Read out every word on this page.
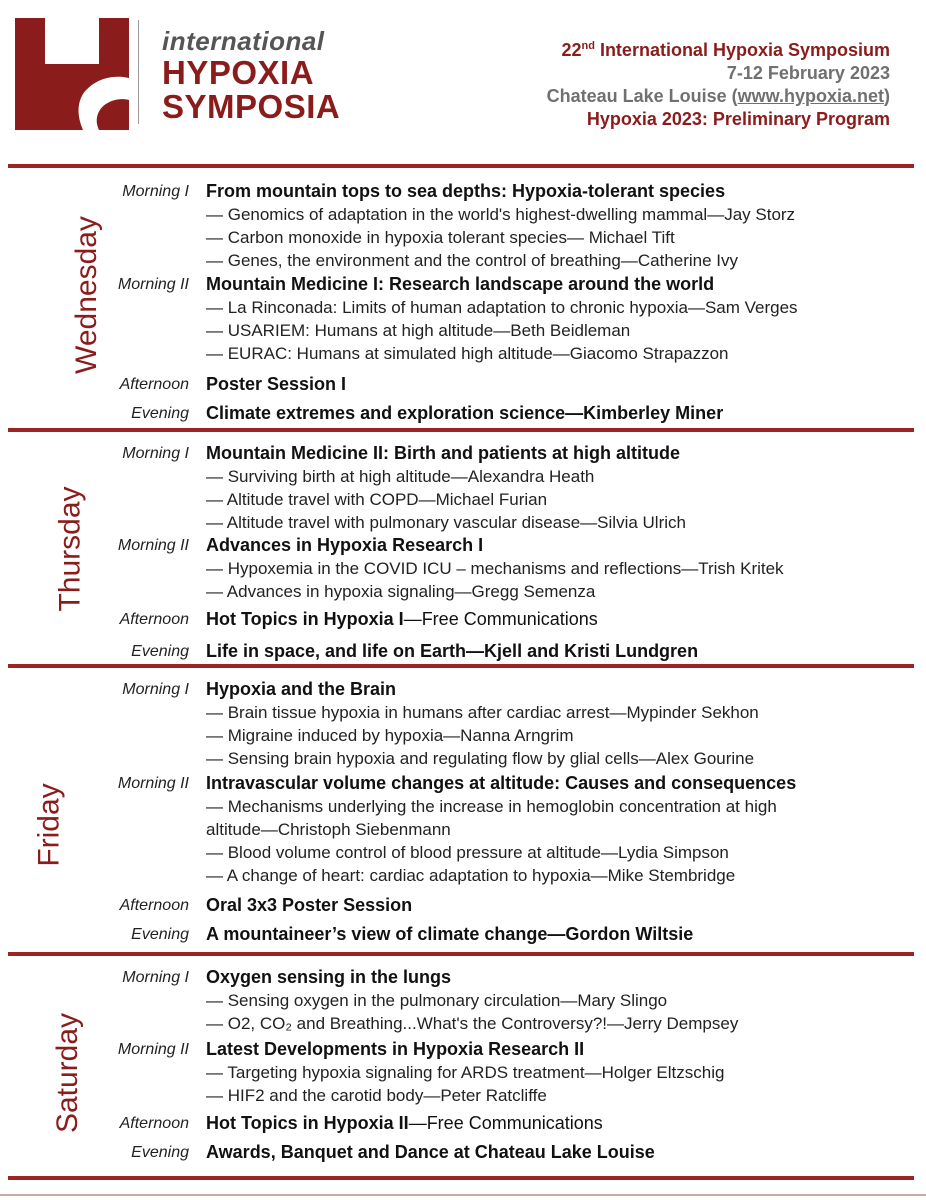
international
HYPOXIA
SYMPOSIA
22nd International Hypoxia Symposium
7-12 February 2023
Chateau Lake Louise (www.hypoxia.net)
Hypoxia 2023: Preliminary Program
Wednesday
Morning I From mountain tops to sea depths: Hypoxia-tolerant species
— Genomics of adaptation in the world's highest-dwelling mammal—Jay Storz
— Carbon monoxide in hypoxia tolerant species— Michael Tift
— Genes, the environment and the control of breathing—Catherine Ivy
Morning II Mountain Medicine I: Research landscape around the world
— La Rinconada: Limits of human adaptation to chronic hypoxia—Sam Verges
— USARIEM: Humans at high altitude—Beth Beidleman
— EURAC: Humans at simulated high altitude—Giacomo Strapazzon
Afternoon Poster Session I
Evening Climate extremes and exploration science—Kimberley Miner
Thursday
Morning I Mountain Medicine II: Birth and patients at high altitude
— Surviving birth at high altitude—Alexandra Heath
— Altitude travel with COPD—Michael Furian
— Altitude travel with pulmonary vascular disease—Silvia Ulrich
Morning II Advances in Hypoxia Research I
— Hypoxemia in the COVID ICU – mechanisms and reflections—Trish Kritek
— Advances in hypoxia signaling—Gregg Semenza
Afternoon Hot Topics in Hypoxia I—Free Communications
Evening Life in space, and life on Earth—Kjell and Kristi Lundgren
Friday
Morning I Hypoxia and the Brain
— Brain tissue hypoxia in humans after cardiac arrest—Mypinder Sekhon
— Migraine induced by hypoxia—Nanna Arngrim
— Sensing brain hypoxia and regulating flow by glial cells—Alex Gourine
Morning II Intravascular volume changes at altitude: Causes and consequences
— Mechanisms underlying the increase in hemoglobin concentration at high altitude—Christoph Siebenmann
— Blood volume control of blood pressure at altitude—Lydia Simpson
— A change of heart: cardiac adaptation to hypoxia—Mike Stembridge
Afternoon Oral 3x3 Poster Session
Evening A mountaineer’s view of climate change—Gordon Wiltsie
Saturday
Morning I Oxygen sensing in the lungs
— Sensing oxygen in the pulmonary circulation—Mary Slingo
— O2, CO₂ and Breathing...What's the Controversy?!—Jerry Dempsey
Morning II Latest Developments in Hypoxia Research II
— Targeting hypoxia signaling for ARDS treatment—Holger Eltzschig
— HIF2 and the carotid body—Peter Ratcliffe
Afternoon Hot Topics in Hypoxia II—Free Communications
Evening Awards, Banquet and Dance at Chateau Lake Louise
